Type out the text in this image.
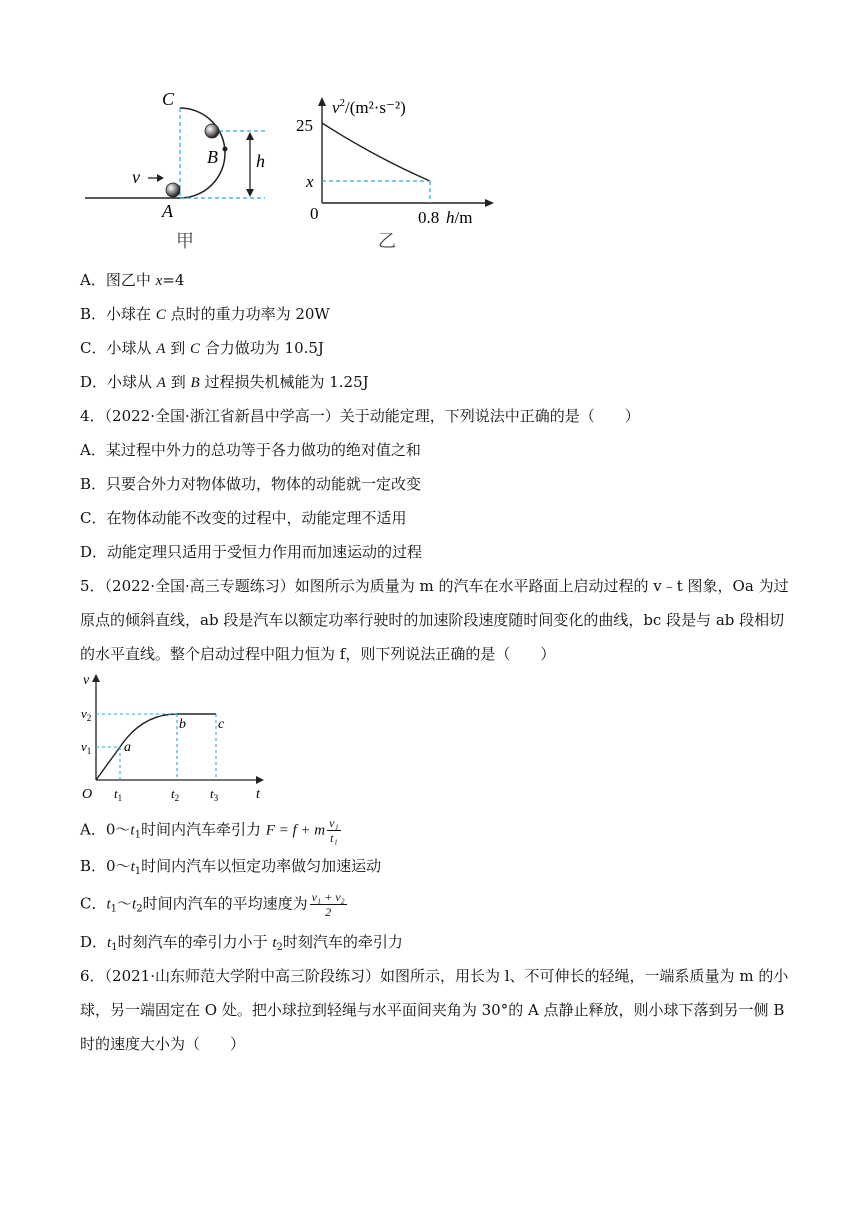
C
B
A
v
h
甲
$v^2/(m^2\cdot s^{-2})$
25
x
0	0.8 h/m
乙
A．图乙中 x=4
B．小球在 C 点时的重力功率为 20W
C．小球从 A 到 C 合力做功为 10.5J
D．小球从 A 到 B 过程损失机械能为 1.25J
4．（2022·全国·浙江省新昌中学高一）关于动能定理，下列说法中正确的是（　　）
A．某过程中外力的总功等于各力做功的绝对值之和
B．只要合外力对物体做功，物体的动能就一定改变
C．在物体动能不改变的过程中，动能定理不适用
D．动能定理只适用于受恒力作用而加速运动的过程
5．（2022·全国·高三专题练习）如图所示为质量为 m 的汽车在水平路面上启动过程的 v﹣t 图象，Oa 为过
原点的倾斜直线，ab 段是汽车以额定功率行驶时的加速阶段速度随时间变化的曲线，bc 段是与 ab 段相切
的水平直线。整个启动过程中阻力恒为 f，则下列说法正确的是（　　）
v
$v_2$
$v_1$ a
b c
O $t_1$	$t_2$ $t_3$	t
A．$0\sim t_1$时间内汽车牵引力 F = f + m $\frac{\text{v₁}}{\text{t₁}}$
B．$0\sim t_1$时间内汽车以恒定功率做匀加速运动
C．$t_1\sim t_2$时间内汽车的平均速度为 $\frac{\text{v₁ + v₂}}{2}$
D．$t_1$时刻汽车的牵引力小于 $t_2$时刻汽车的牵引力
6．（2021·山东师范大学附中高三阶段练习）如图所示，用长为 l、不可伸长的轻绳，一端系质量为 m 的小
球，另一端固定在 O 处。把小球拉到轻绳与水平面间夹角为 30°的 A 点静止释放，则小球下落到另一侧 B
时的速度大小为（　　）
